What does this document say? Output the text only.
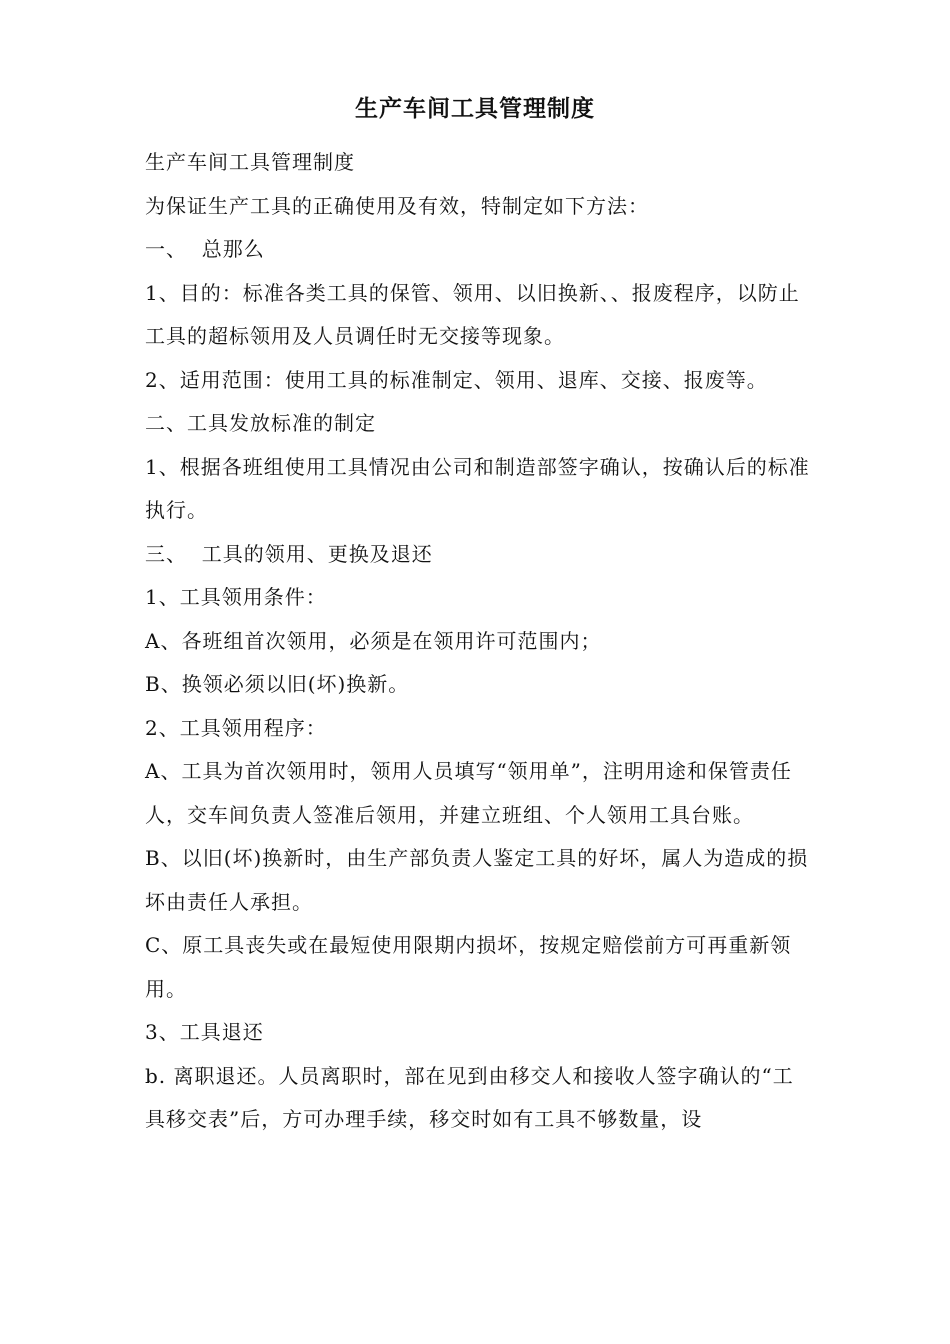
生产车间工具管理制度

生产车间工具管理制度

为保证生产工具的正确使用及有效，特制定如下方法：

一、  总那么

1、目的：标准各类工具的保管、领用、以旧换新、、报废程序，以防止工具的超标领用及人员调任时无交接等现象。

2、适用范围：使用工具的标准制定、领用、退库、交接、报废等。

二、工具发放标准的制定

1、根据各班组使用工具情况由公司和制造部签字确认，按确认后的标准执行。

三、  工具的领用、更换及退还

1、工具领用条件：

A、各班组首次领用，必须是在领用许可范围内；

B、换领必须以旧(坏)换新。

2、工具领用程序：

A、工具为首次领用时，领用人员填写“领用单”，注明用途和保管责任人，交车间负责人签准后领用，并建立班组、个人领用工具台账。

B、以旧(坏)换新时，由生产部负责人鉴定工具的好坏，属人为造成的损坏由责任人承担。

C、原工具丧失或在最短使用限期内损坏，按规定赔偿前方可再重新领用。

3、工具退还

b. 离职退还。人员离职时，部在见到由移交人和接收人签字确认的“工具移交表”后，方可办理手续，移交时如有工具不够数量，设
